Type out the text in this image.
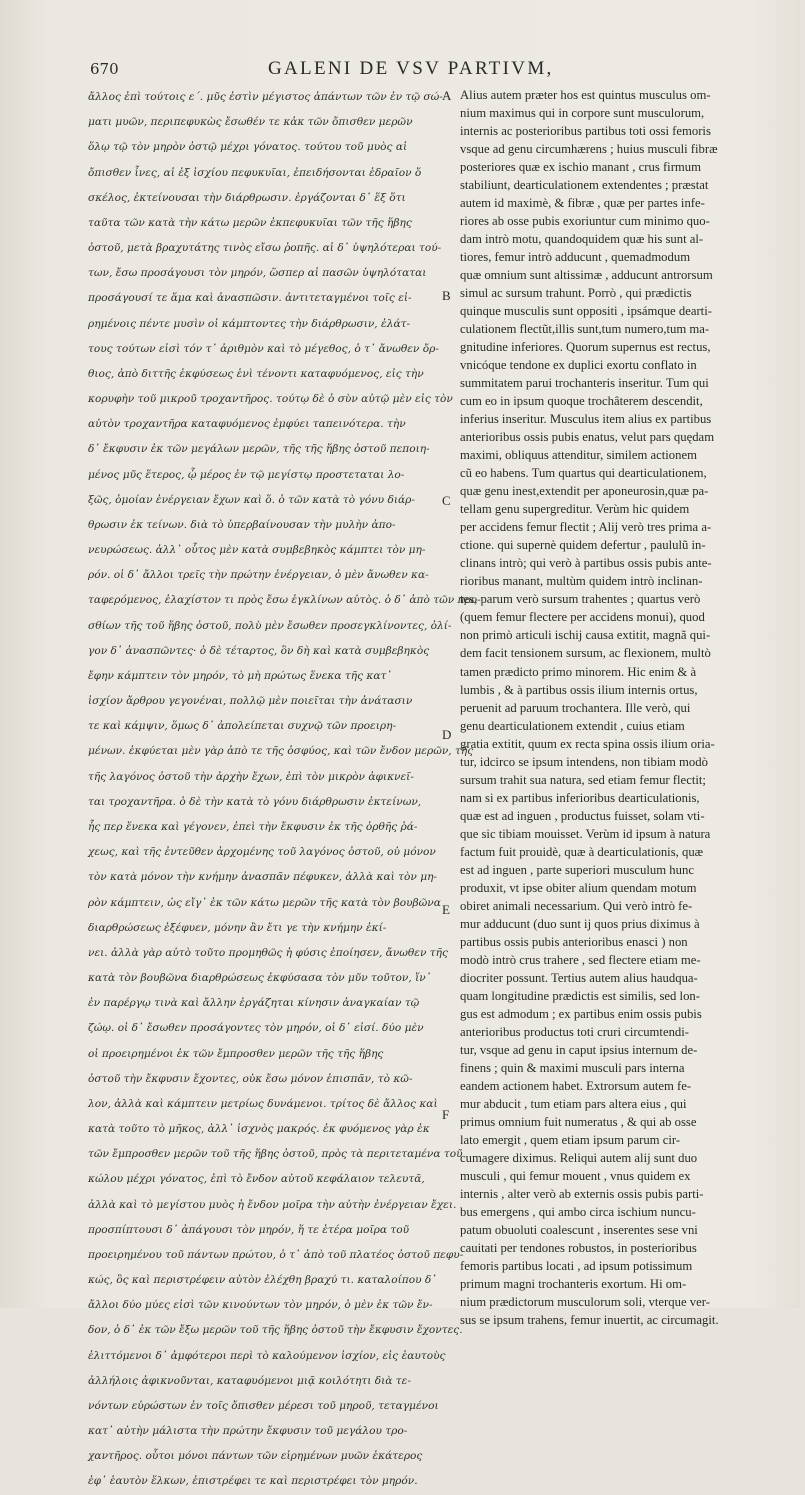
670	GALENI DE VSV PARTIVM,
ἄλλος ἐπὶ τούτοις ε΄. μῦς ἐστὶν μέγιστος ἁπάντων τῶν ἐν τῷ σώ-
ματι μυῶν, περιπεφυκὼς ἔσωθέν τε κἀκ τῶν ὄπισθεν μερῶν
ὅλῳ τῷ τὸν μηρὸν ὀστῷ μέχρι γόνατος. τούτου τοῦ μυὸς αἱ
ὄπισθεν ἶνες, αἱ ἐξ ἰσχίου πεφυκυῖαι, ἐπειδήσονται ἑδραῖον ὅ
σκέλος, ἐκτείνουσαι τὴν διάρθρωσιν. ἐργάζονται δ᾽ ἕξ ὅτι
ταῦτα τῶν κατὰ τὴν κάτω μερῶν ἐκπεφυκυῖαι τῶν τῆς ἥβης
ὀστοῦ, μετὰ βραχυτάτης τινὸς εἴσω ῥοπῆς. αἱ δ᾽ ὑψηλότεραι τού-
των, ἔσω προσάγουσι τὸν μηρόν, ὥσπερ αἱ πασῶν ὑψηλόταται
προσάγουσί τε ἅμα καὶ ἀνασπῶσιν. ἀντιτεταγμένοι τοῖς εἰ-
ρημένοις πέντε μυσὶν οἱ κάμπτοντες τὴν διάρθρωσιν, ἐλάτ-
τους τούτων εἰσὶ τόν τ᾽ ἀριθμὸν καὶ τὸ μέγεθος, ὁ τ᾽ ἄνωθεν ὄρ-
θιος, ἀπὸ διττῆς ἐκφύσεως ἑνὶ τένοντι καταφυόμενος, εἰς τὴν
κορυφὴν τοῦ μικροῦ τροχαντῆρος. τούτῳ δὲ ὁ σὺν αὐτῷ μὲν εἰς τὸν
αὐτὸν τροχαντῆρα καταφυόμενος ἐμφύει ταπεινότερα. τὴν
δ᾽ ἔκφυσιν ἐκ τῶν μεγάλων μερῶν, τῆς τῆς ἥβης ὀστοῦ πεποιη-
μένος μῦς ἕτερος, ᾧ μέρος ἐν τῷ μεγίστῳ προστεταται λο-
ξῶς, ὁμοίαν ἐνέργειαν ἔχων καὶ ὅ. ὁ τῶν κατὰ τὸ γόνυ διάρ-
θρωσιν ἐκ τείνων. διὰ τὸ ὑπερβαίνουσαν τὴν μυλὴν ἀπο-
νευρώσεως. ἀλλ᾽ οὗτος μὲν κατὰ συμβεβηκὸς κάμπτει τὸν μη-
ρόν. οἱ δ᾽ ἄλλοι τρεῖς τὴν πρώτην ἐνέργειαν, ὁ μὲν ἄνωθεν κα-
ταφερόμενος, ἐλαχίστον τι πρὸς ἔσω ἐγκλίνων αὐτὸς. ὁ δ᾽ ἀπὸ τῶν προ-
σθίων τῆς τοῦ ἥβης ὀστοῦ, πολὺ μὲν ἔσωθεν προσεγκλίνοντες, ὀλί-
γον δ᾽ ἀνασπῶντες· ὁ δὲ τέταρτος, ὃν δὴ καὶ κατὰ συμβεβηκὸς
ἔφην κάμπτειν τὸν μηρόν, τὸ μὴ πρώτως ἕνεκα τῆς κατ᾽
ἰσχίον ἄρθρου γεγονέναι, πολλῷ μὲν ποιεῖται τὴν ἀνάτασιν
τε καὶ κάμψιν, ὅμως δ᾽ ἀπολείπεται συχνῷ τῶν προειρη-
μένων. ἐκφύεται μὲν γὰρ ἀπὸ τε τῆς ὀσφύος, καὶ τῶν ἔνδον μερῶν, τῆς
τῆς λαγόνος ὀστοῦ τὴν ἀρχὴν ἔχων, ἐπὶ τὸν μικρὸν ἀφικνεῖ-
ται τροχαντῆρα. ὁ δὲ τὴν κατὰ τὸ γόνυ διάρθρωσιν ἐκτείνων,
ἧς περ ἕνεκα καὶ γέγονεν, ἐπεὶ τὴν ἔκφυσιν ἐκ τῆς ὀρθῆς ῥά-
χεως, καὶ τῆς ἐντεῦθεν ἀρχομένης τοῦ λαγόνος ὀστοῦ, οὐ μόνον
τὸν κατὰ μόνον τὴν κνήμην ἀνασπᾶν πέφυκεν, ἀλλὰ καὶ τὸν μη-
ρὸν κάμπτειν, ὡς εἴγ᾽ ἐκ τῶν κάτω μερῶν τῆς κατὰ τὸν βουβῶνα
διαρθρώσεως ἐξέφυεν, μόνην ἂν ἔτι γε τὴν κνήμην ἐκί-
νει. ἀλλὰ γὰρ αὐτὸ τοῦτο προμηθῶς ἡ φύσις ἐποίησεν, ἄνωθεν τῆς
κατὰ τὸν βουβῶνα διαρθρώσεως ἐκφύσασα τὸν μῦν τοῦτον, ἵν᾽
ἐν παρέργῳ τινὰ καὶ ἄλλην ἐργάζηται κίνησιν ἀναγκαίαν τῷ
ζώῳ. οἱ δ᾽ ἔσωθεν προσάγοντες τὸν μηρόν, οἱ δ᾽ εἰσί. δύο μὲν
οἱ προειρημένοι ἐκ τῶν ἔμπροσθεν μερῶν τῆς τῆς ἥβης
ὀστοῦ τὴν ἔκφυσιν ἔχοντες, οὐκ ἔσω μόνον ἐπισπᾶν, τὸ κῶ-
λον, ἀλλὰ καὶ κάμπτειν μετρίως δυνάμενοι. τρίτος δὲ ἄλλος καὶ
κατὰ τοῦτο τὸ μῆκος, ἀλλ᾽ ἰσχνὸς μακρός. ἐκ φυόμενος γὰρ ἐκ
τῶν ἔμπροσθεν μερῶν τοῦ τῆς ἥβης ὀστοῦ, πρὸς τὰ περιτεταμένα τοῦ
κώλου μέχρι γόνατος, ἐπὶ τὸ ἔνδον αὐτοῦ κεφάλαιον τελευτᾶ,
ἀλλὰ καὶ τὸ μεγίστου μυὸς ἡ ἔνδον μοῖρα τὴν αὐτὴν ἐνέργειαν ἔχει.
προσπίπτουσι δ᾽ ἀπάγουσι τὸν μηρόν, ἥ τε ἑτέρα μοῖρα τοῦ
προειρημένου τοῦ πάντων πρώτου, ὁ τ᾽ ἀπὸ τοῦ πλατέος ὀστοῦ πεφυ-
κώς, ὃς καὶ περιστρέφειν αὐτὸν ἐλέχθη βραχύ τι. καταλοίπου δ᾽
ἄλλοι δύο μύες εἰσὶ τῶν κινούντων τὸν μηρόν, ὁ μὲν ἐκ τῶν ἔν-
δον, ὁ δ᾽ ἐκ τῶν ἔξω μερῶν τοῦ τῆς ἥβης ὀστοῦ τὴν ἔκφυσιν ἔχοντες.
ἐλιττόμενοι δ᾽ ἀμφότεροι περὶ τὸ καλούμενον ἰσχίον, εἰς ἑαυτοὺς
ἀλλήλοις ἀφικνοῦνται, καταφυόμενοι μιᾷ κοιλότητι διὰ τε-
νόντων εὐρώστων ἐν τοῖς ὄπισθεν μέρεσι τοῦ μηροῦ, τεταγμένοι
κατ᾽ αὐτὴν μάλιστα τὴν πρώτην ἔκφυσιν τοῦ μεγάλου τρο-
χαντῆρος. οὗτοι μόνοι πάντων τῶν εἰρημένων μυῶν ἑκάτερος
ἐφ᾽ ἑαυτὸν ἕλκων, ἐπιστρέφει τε καὶ περιστρέφει τὸν μηρόν.
Alius autem præter hos est quintus musculus om-
nium maximus qui in corpore sunt musculorum,
internis ac posterioribus partibus toti ossi femoris
vsque ad genu circumhærens ; huius musculi fibræ
posteriores quæ ex ischio manant , crus firmum
stabiliunt, dearticulationem extendentes ; præstat
autem id maximè, & fibræ , quæ per partes infe-
riores ab osse pubis exoriuntur cum minimo quo-
dam intrò motu, quandoquidem quæ his sunt al-
tiores, femur intrò adducunt , quemadmodum
quæ omnium sunt altissimæ , adducunt antrorsum
simul ac sursum trahunt. Porrò , qui prædictis
quinque musculis sunt oppositi , ipsámque dearti-
culationem flectũt,illis sunt,tum numero,tum ma-
gnitudine inferiores. Quorum supernus est rectus,
vnicóque tendone ex duplici exortu conflato in
summitatem parui trochanteris inseritur. Tum qui
cum eo in ipsum quoque trochâterem descendit,
inferius inseritur. Musculus item alius ex partibus
anterioribus ossis pubis enatus, velut pars quędam
maximi, obliquus attenditur, similem actionem
cũ eo habens. Tum quartus qui dearticulationem,
quæ genu inest,extendit per aponeurosin,quæ pa-
tellam genu supergreditur. Verùm hic quidem
per accidens femur flectit ; Alij verò tres prima a-
ctione. qui supernè quidem defertur , paululũ in-
clinans intrò; qui verò à partibus ossis pubis ante-
rioribus manant, multùm quidem intrò inclinan-
tes, parum verò sursum trahentes ; quartus verò
(quem femur flectere per accidens monui), quod
non primò articuli ischij causa extitit, magnã qui-
dem facit tensionem sursum, ac flexionem, multò
tamen prædicto primo minorem. Hic enim & à
lumbis , & à partibus ossis ilium internis ortus,
peruenit ad paruum trochantera. Ille verò, qui
genu dearticulationem extendit , cuius etiam
gratia extitit, quum ex recta spina ossis ilium oria-
tur, idcirco se ipsum intendens, non tibiam modò
sursum trahit sua natura, sed etiam femur flectit;
nam si ex partibus inferioribus dearticulationis,
quæ est ad inguen , productus fuisset, solam vti-
que sic tibiam mouisset. Verùm id ipsum à natura
factum fuit prouidè, quæ à dearticulationis, quæ
est ad inguen , parte superiori musculum hunc
produxit, vt ipse obiter alium quendam motum
obiret animali necessarium. Qui verò intrò fe-
mur adducunt (duo sunt ij quos prius diximus à
partibus ossis pubis anterioribus enasci ) non
modò intrò crus trahere , sed flectere etiam me-
diocriter possunt. Tertius autem alius haudqua-
quam longitudine prædictis est similis, sed lon-
gus est admodum ; ex partibus enim ossis pubis
anterioribus productus toti cruri circumtendi-
tur, vsque ad genu in caput ipsius internum de-
finens ; quin & maximi musculi pars interna
eandem actionem habet. Extrorsum autem fe-
mur abducit , tum etiam pars altera eius , qui
primus omnium fuit numeratus , & qui ab osse
lato emergit , quem etiam ipsum parum cir-
cumagere diximus. Reliqui autem alij sunt duo
musculi , qui femur mouent , vnus quidem ex
internis , alter verò ab externis ossis pubis parti-
bus emergens , qui ambo circa ischium nuncu-
patum obuoluti coalescunt , inserentes sese vni
cauitati per tendones robustos, in posterioribus
femoris partibus locati , ad ipsum potissimum
primum magni trochanteris exortum. Hi om-
nium prædictorum musculorum soli, vterque ver-
sus se ipsum trahens, femur inuertit, ac circumagit.
A
B
C
D
E
F
